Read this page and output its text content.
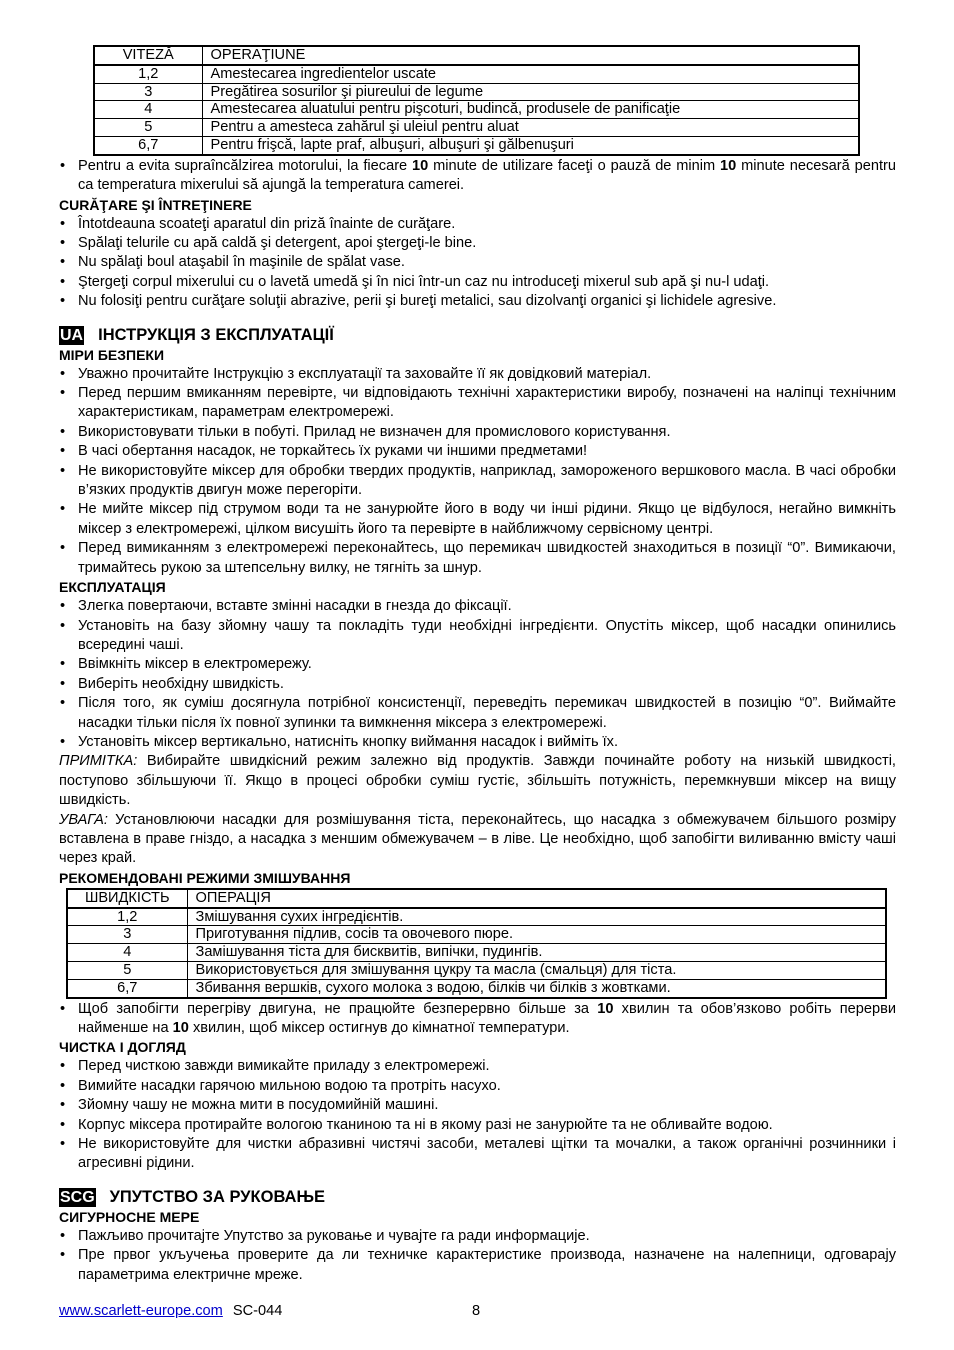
VITEZĂ	OPERAŢIUNE
1,2	Amestecarea ingredientelor uscate
3	Pregătirea sosurilor şi piureului de legume
4	Amestecarea aluatului pentru pişcoturi, budincă, produsele de panificaţie
5	Pentru a amesteca zahărul şi uleiul pentru aluat
6,7	Pentru frişcă, lapte praf, albuşuri, albuşuri şi gălbenuşuri
• Pentru a evita supraîncălzirea motorului, la fiecare 10 minute de utilizare faceţi o pauză de minim 10 minute necesară pentru ca temperatura mixerului să ajungă la temperatura camerei.
CURĂŢARE ŞI ÎNTREŢINERE
• Întotdeauna scoateţi aparatul din priză înainte de curăţare.
• Spălaţi telurile cu apă caldă şi detergent, apoi ştergeţi-le bine.
• Nu spălaţi boul ataşabil în maşinile de spălat vase.
• Ştergeţi corpul mixerului cu o lavetă umedă şi în nici într-un caz nu introduceţi mixerul sub apă şi nu-l udaţi.
• Nu folosiţi pentru curăţare soluţii abrazive, perii şi bureţi metalici, sau dizolvanţi organici şi lichidele agresive.
UA ІНСТРУКЦІЯ З ЕКСПЛУАТАЦІЇ
МІРИ БЕЗПЕКИ
• Уважно прочитайте Інструкцію з експлуатації та заховайте її як довідковий матеріал.
• Перед першим вмиканням перевірте, чи відповідають технічні характеристики виробу, позначені на наліпці технічним характеристикам, параметрам електромережі.
• Використовувати тільки в побуті. Прилад не визначен для промислового користування.
• В часі обертання насадок, не торкайтесь їх руками чи іншими предметами!
• Не використовуйте міксер для обробки твердих продуктів, наприклад, замороженого вершкового масла. В часі обробки в’язких продуктів двигун може перегоріти.
• Не мийте міксер під струмом води та не занурюйте його в воду чи інші рідини. Якщо це відбулося, негайно вимкніть міксер з електромережі, цілком висушіть його та перевірте в найближчому сервісному центрі.
• Перед вимиканням з електромережі переконайтесь, що перемикач швидкостей знаходиться в позиції “0”. Вимикаючи, тримайтесь рукою за штепсельну вилку, не тягніть за шнур.
ЕКСПЛУАТАЦІЯ
• Злегка повертаючи, вставте змінні насадки в гнезда до фіксації.
• Установіть на базу зйомну чашу та покладіть туди необхідні інгредієнти. Опустіть міксер, щоб насадки опинились всередині чаші.
• Ввімкніть міксер в електромережу.
• Виберіть необхідну швидкість.
• Після того, як суміш досягнула потрібної консистенції, переведіть перемикач швидкостей в позицію “0”. Виймайте насадки тільки після їх повної зупинки та вимкнення міксера з електромережі.
• Установіть міксер вертикально, натисніть кнопку виймання насадок і вийміть їх.

ПРИМІТКА: Вибирайте швидкісний режим залежно від продуктів. Завжди починайте роботу на низькій швидкості, поступово збільшуючи її. Якщо в процесі обробки суміш густіє, збільшіть потужність, перемкнувши міксер на вищу швидкість.

УВАГА: Установлюючи насадки для розмішування тіста, переконайтесь, що насадка з обмежувачем більшого розміру вставлена в праве гніздо, а насадка з меншим обмежувачем – в ліве. Це необхідно, щоб запобігти виливанню вмісту чаші через край.

РЕКОМЕНДОВАНІ РЕЖИМИ ЗМІШУВАННЯ
ШВИДКІСТЬ	ОПЕРАЦІЯ
1,2	Змішування сухих інгредієнтів.
3	Приготування підлив, сосів та овочевого пюре.
4	Замішування тіста для бисквитів, випічки, пудингів.
5	Використовується для змішування цукру та масла (смальця) для тіста.
6,7	Збивання вершків, сухого молока з водою, білків чи білків з жовтками.
• Щоб запобігти перегріву двигуна, не працюйте безперервно більше за 10 хвилин та обов’язково робіть перерви найменше на 10 хвилин, щоб міксер остигнув до кімнатної температури.
ЧИСТКА І ДОГЛЯД
• Перед чисткою завжди вимикайте приладу з електромережі.
• Вимийте насадки гарячою мильною водою та протріть насухо.
• Зйомну чашу не можна мити в посудомийній машині.
• Корпус міксера протирайте вологою тканиною та ні в якому разі не занурюйте та не обливайте водою.
• Не використовуйте для чистки абразивні чистячі засоби, металеві щітки та мочалки, а також органічні розчинники і агресивні рідини.
SCG УПУТСТВО ЗА РУКОВАЊЕ
СИГУРНОСНЕ МЕРЕ
• Пажљиво прочитајте Упутство за руковање и чувајте га ради информације.
• Пре првог укључења проверите да ли техничке карактеристике производа, назначене на налепници, одговарају параметрима електричне мреже.
www.scarlett-europe.com SC-044	8
